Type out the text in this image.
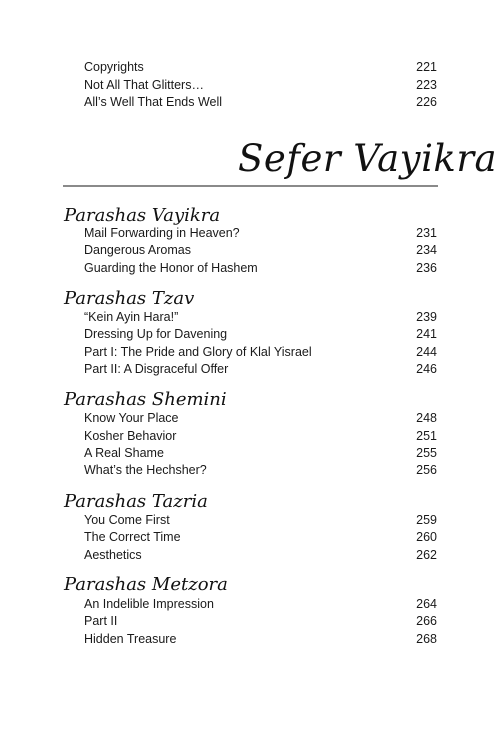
Copyrights	221
Not All That Glitters…	223
All’s Well That Ends Well	226
Sefer Vayikra
Parashas Vayikra
Mail Forwarding in Heaven?	231
Dangerous Aromas	234
Guarding the Honor of Hashem	236
Parashas Tzav
“Kein Ayin Hara!”	239
Dressing Up for Davening	241
Part I: The Pride and Glory of Klal Yisrael	244
Part II: A Disgraceful Offer	246
Parashas Shemini
Know Your Place	248
Kosher Behavior	251
A Real Shame	255
What’s the Hechsher?	256
Parashas Tazria
You Come First	259
The Correct Time	260
Aesthetics	262
Parashas Metzora
An Indelible Impression	264
Part II	266
Hidden Treasure	268
